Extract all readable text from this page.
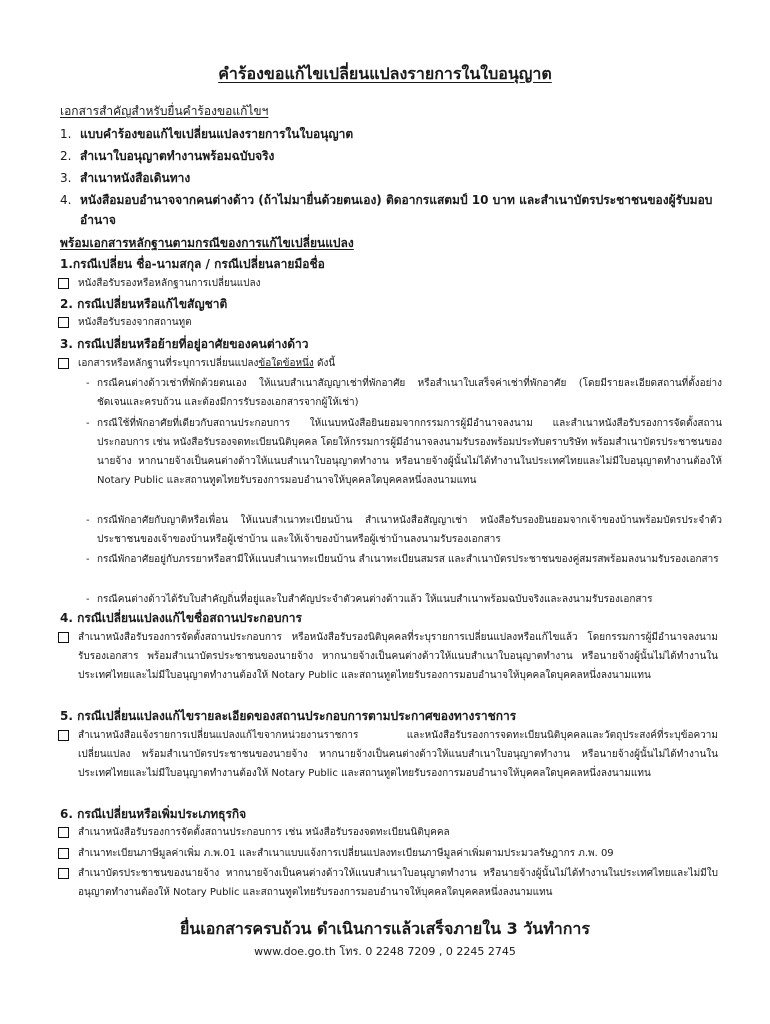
คำร้องขอแก้ไขเปลี่ยนแปลงรายการในใบอนุญาต
เอกสารสำคัญสำหรับยื่นคำร้องขอแก้ไขฯ
1. แบบคำร้องขอแก้ไขเปลี่ยนแปลงรายการในใบอนุญาต
2. สำเนาใบอนุญาตทำงานพร้อมฉบับจริง
3. สำเนาหนังสือเดินทาง
4. หนังสือมอบอำนาจจากคนต่างด้าว (ถ้าไม่มายื่นด้วยตนเอง) ติดอากรแสตมป์ 10 บาท และสำเนาบัตรประชาชนของผู้รับมอบอำนาจ
พร้อมเอกสารหลักฐานตามกรณีของการแก้ไขเปลี่ยนแปลง
1.กรณีเปลี่ยน ชื่อ-นามสกุล / กรณีเปลี่ยนลายมือชื่อ
หนังสือรับรองหรือหลักฐานการเปลี่ยนแปลง
2. กรณีเปลี่ยนหรือแก้ไขสัญชาติ
หนังสือรับรองจากสถานทูต
3. กรณีเปลี่ยนหรือย้ายที่อยู่อาศัยของคนต่างด้าว
เอกสารหรือหลักฐานที่ระบุการเปลี่ยนแปลงข้อใดข้อหนึ่ง ดังนี้
- กรณีคนต่างด้าวเช่าที่พักด้วยตนเอง ให้แนบสำเนาสัญญาเช่าที่พักอาศัย หรือสำเนาใบเสร็จค่าเช่าที่พักอาศัย (โดยมีรายละเอียดสถานที่ตั้งอย่างชัดเจนและครบถ้วน และต้องมีการรับรองเอกสารจากผู้ให้เช่า)
- กรณีใช้ที่พักอาศัยที่เดียวกับสถานประกอบการ ให้แนบหนังสือยินยอมจากกรรมการผู้มีอำนาจลงนาม และสำเนาหนังสือรับรองการจัดตั้งสถานประกอบการ เช่น หนังสือรับรองจดทะเบียนนิติบุคคล โดยให้กรรมการผู้มีอำนาจลงนามรับรองพร้อมประทับตราบริษัท พร้อมสำเนาบัตรประชาชนของนายจ้าง หากนายจ้างเป็นคนต่างด้าวให้แนบสำเนาใบอนุญาตทำงาน หรือนายจ้างผู้นั้นไม่ได้ทำงานในประเทศไทยและไม่มีใบอนุญาตทำงานต้องให้ Notary Public และสถานทูตไทยรับรองการมอบอำนาจให้บุคคลใดบุคคลหนึ่งลงนามแทน
- กรณีพักอาศัยกับญาติหรือเพื่อน ให้แนบสำเนาทะเบียนบ้าน สำเนาหนังสือสัญญาเช่า หนังสือรับรองยินยอมจากเจ้าของบ้านพร้อมบัตรประจำตัวประชาชนของเจ้าของบ้านหรือผู้เช่าบ้าน และให้เจ้าของบ้านหรือผู้เช่าบ้านลงนามรับรองเอกสาร
- กรณีพักอาศัยอยู่กับภรรยาหรือสามีให้แนบสำเนาทะเบียนบ้าน สำเนาทะเบียนสมรส และสำเนาบัตรประชาชนของคู่สมรสพร้อมลงนามรับรองเอกสาร
- กรณีคนต่างด้าวได้รับใบสำคัญถิ่นที่อยู่และใบสำคัญประจำตัวคนต่างด้าวแล้ว ให้แนบสำเนาพร้อมฉบับจริงและลงนามรับรองเอกสาร
4. กรณีเปลี่ยนแปลงแก้ไขชื่อสถานประกอบการ
สำเนาหนังสือรับรองการจัดตั้งสถานประกอบการ หรือหนังสือรับรองนิติบุคคลที่ระบุรายการเปลี่ยนแปลงหรือแก้ไขแล้ว โดยกรรมการผู้มีอำนาจลงนามรับรองเอกสาร พร้อมสำเนาบัตรประชาชนของนายจ้าง หากนายจ้างเป็นคนต่างด้าวให้แนบสำเนาใบอนุญาตทำงาน หรือนายจ้างผู้นั้นไม่ได้ทำงานในประเทศไทยและไม่มีใบอนุญาตทำงานต้องให้ Notary Public และสถานทูตไทยรับรองการมอบอำนาจให้บุคคลใดบุคคลหนึ่งลงนามแทน
5. กรณีเปลี่ยนแปลงแก้ไขรายละเอียดของสถานประกอบการตามประกาศของทางราชการ
สำเนาหนังสือแจ้งรายการเปลี่ยนแปลงแก้ไขจากหน่วยงานราชการ และหนังสือรับรองการจดทะเบียนนิติบุคคลและวัตถุประสงค์ที่ระบุข้อความเปลี่ยนแปลง พร้อมสำเนาบัตรประชาชนของนายจ้าง หากนายจ้างเป็นคนต่างด้าวให้แนบสำเนาใบอนุญาตทำงาน หรือนายจ้างผู้นั้นไม่ได้ทำงานในประเทศไทยและไม่มีใบอนุญาตทำงานต้องให้ Notary Public และสถานทูตไทยรับรองการมอบอำนาจให้บุคคลใดบุคคลหนึ่งลงนามแทน
6. กรณีเปลี่ยนหรือเพิ่มประเภทธุรกิจ
สำเนาหนังสือรับรองการจัดตั้งสถานประกอบการ เช่น หนังสือรับรองจดทะเบียนนิติบุคคล
สำเนาทะเบียนภาษีมูลค่าเพิ่ม ภ.พ.01 และสำเนาแบบแจ้งการเปลี่ยนแปลงทะเบียนภาษีมูลค่าเพิ่มตามประมวลรัษฎากร ภ.พ. 09
สำเนาบัตรประชาชนของนายจ้าง หากนายจ้างเป็นคนต่างด้าวให้แนบสำเนาใบอนุญาตทำงาน หรือนายจ้างผู้นั้นไม่ได้ทำงานในประเทศไทยและไม่มีใบอนุญาตทำงานต้องให้ Notary Public และสถานทูตไทยรับรองการมอบอำนาจให้บุคคลใดบุคคลหนึ่งลงนามแทน
ยื่นเอกสารครบถ้วน ดำเนินการแล้วเสร็จภายใน 3 วันทำการ
www.doe.go.th โทร. 0 2248 7209 , 0 2245 2745
